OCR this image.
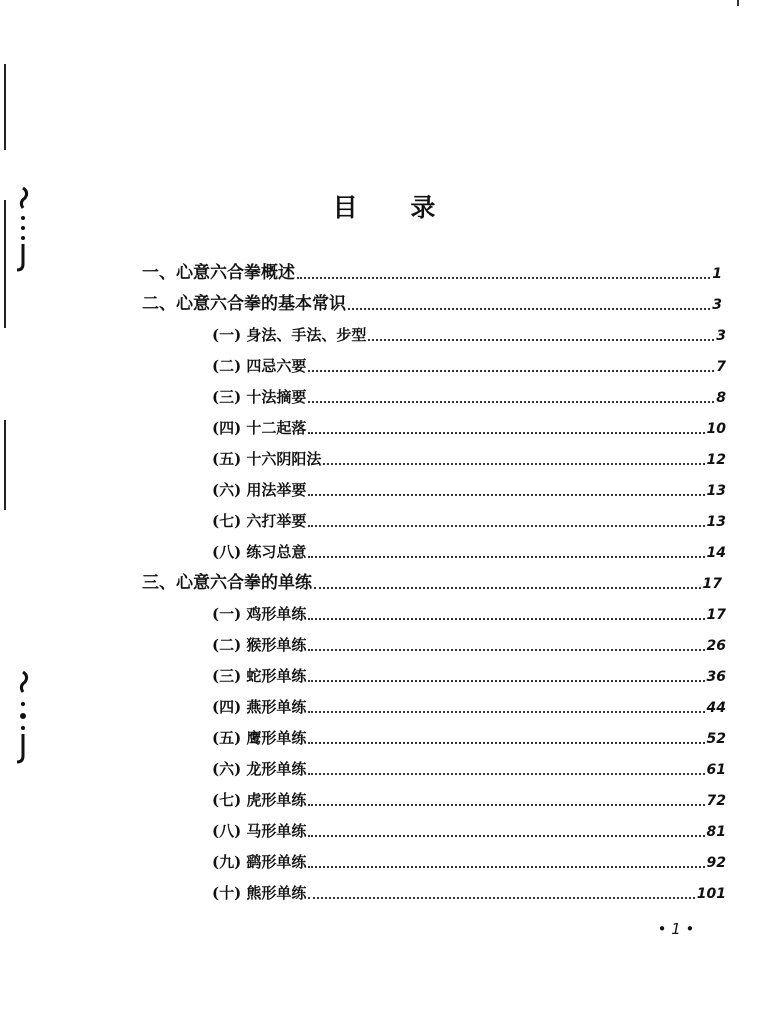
目 录
一、心意六合拳概述	1
二、心意六合拳的基本常识	3
(一) 身法、手法、步型	3
(二) 四忌六要	7
(三) 十法摘要	8
(四) 十二起落	10
(五) 十六阴阳法	12
(六) 用法举要	13
(七) 六打举要	13
(八) 练习总意	14
三、心意六合拳的单练	17
(一) 鸡形单练	17
(二) 猴形单练	26
(三) 蛇形单练	36
(四) 燕形单练	44
(五) 鹰形单练	52
(六) 龙形单练	61
(七) 虎形单练	72
(八) 马形单练	81
(九) 鹞形单练	92
(十) 熊形单练	101
• 1 •
